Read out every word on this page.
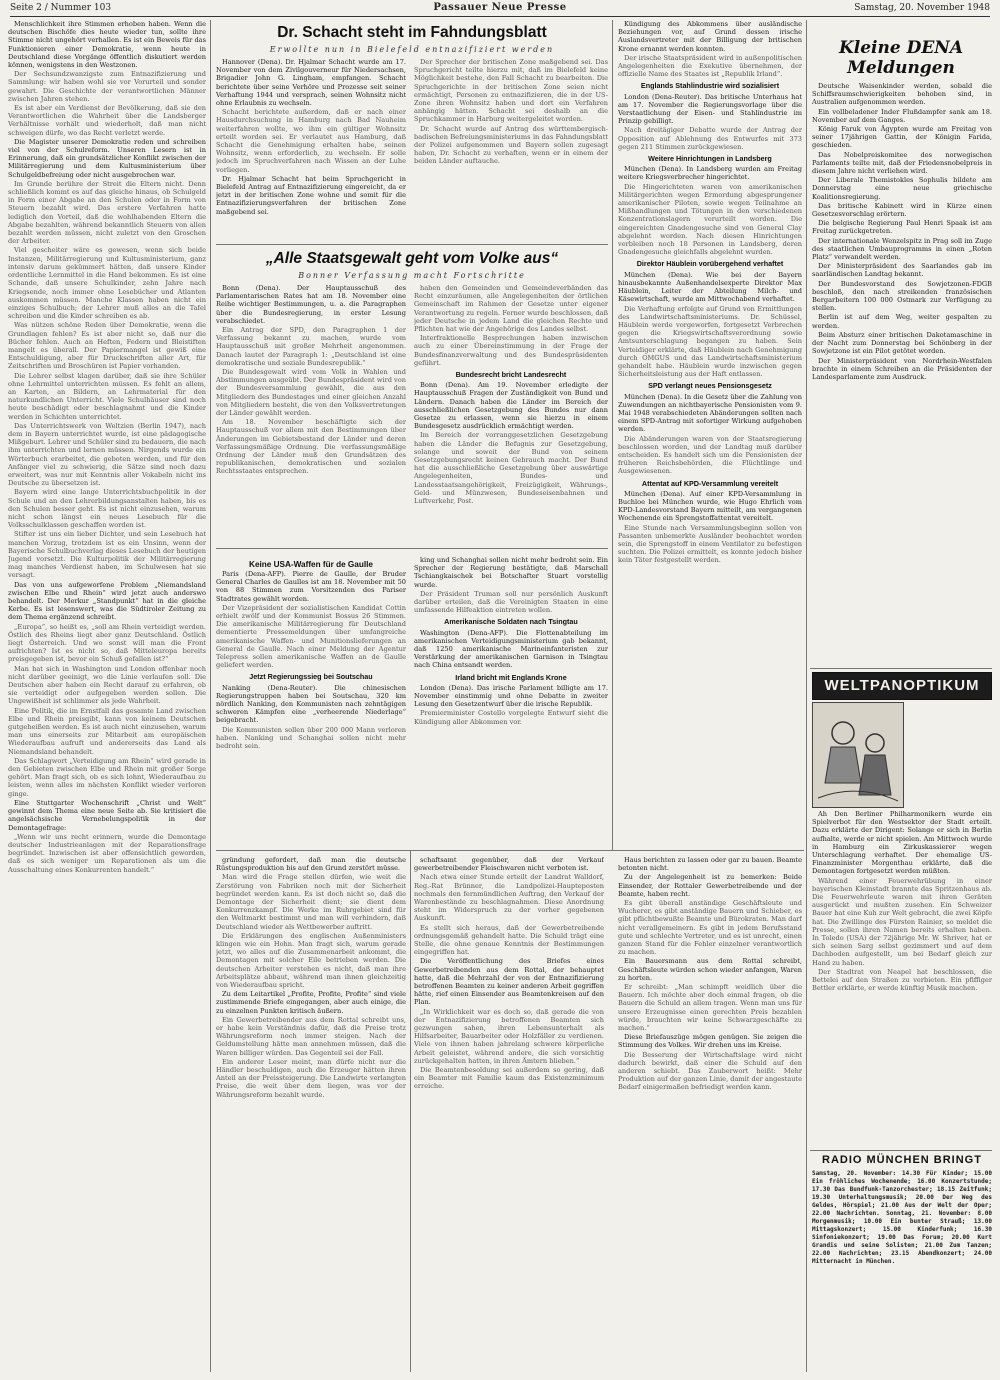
Seite 2 / Nummer 103	Passauer Neue Presse	Samstag, 20. November 1948

Menschlichkeit ihre Stimmen erhoben haben. Wenn die deutschen Bischöfe dies heute wieder tun, sollte ihre Stimme nicht ungehört verhallen. Es ist ein Beweis für das Funktionieren einer Demokratie, wenn heute in Deutschland diese Vorgänge öffentlich diskutiert werden können, wenigstens in den Westzonen.

Der Sechsundzwanzigste zum Entnazifizierung und Sammlung: wir haben wohl sie vor Vorurteil und sonder gewahrt. Die Geschichte der verantwortlichen Männer zwischen Jahren stehen.

Es ist aber ein Verdienst der Bevölkerung, daß sie den Verantwortlichen die Wahrheit über die Landsberger Verhältnisse vorhält und wiederholt, daß man nicht schweigen dürfe, wo das Recht verletzt werde.

Die Magister unserer Demokratie reden und schreiben viel von der Schulreform. Unseren Lesern ist in Erinnerung, daß ein grundsätzlicher Konflikt zwischen der Militärregierung und dem Kultusministerium über Schulgeldbefreiung oder nicht ausgebrochen war.

Im Grunde berühre der Streit die Eltern nicht. Denn schließlich kommt es auf das gleiche hinaus, ob Schulgeld in Form einer Abgabe an den Schulen oder in Form von Steuern bezahlt wird. Das erstere Verfahren hatte lediglich den Vorteil, daß die wohlhabenden Eltern die Abgabe bezahlten, während bekanntlich Steuern von allen bezahlt werden müssen, nicht zuletzt von den Groschen der Arbeiter.

Viel gescheiter wäre es gewesen, wenn sich beide Instanzen, Militärregierung und Kultusministerium, ganz intensiv darum gekümmert hätten, daß unsere Kinder ordentliche Lernmittel in die Hand bekommen. Es ist eine Schande, daß unsere Schulkinder, zehn Jahre nach Kriegsende, noch immer ohne Lesebücher und Atlanten auskommen müssen. Manche Klassen haben nicht ein einziges Schulbuch; der Lehrer muß alles an die Tafel schreiben und die Kinder schreiben es ab.

Was nützen schöne Reden über Demokratie, wenn die Grundlagen fehlen? Es ist aber nicht so, daß nur die Bücher fehlen. Auch an Heften, Federn und Bleistiften mangelt es überall. Der Papiermangel ist gewiß eine Entschuldigung, aber für Druckschriften aller Art, für Zeitschriften und Broschüren ist Papier vorhanden.

Die Lehrer selbst klagen darüber, daß sie ihre Schüler ohne Lehrmittel unterrichten müssen. Es fehlt an allem, an Karten, an Bildern, an Lehrmaterial für den naturkundlichen Unterricht. Viele Schulhäuser sind noch heute beschädigt oder beschlagnahmt und die Kinder werden in Schichten unterrichtet.

Das Unterrichtswerk von Weltzien (Berlin 1947), nach dem in Bayern unterrichtet wurde, ist eine pädagogische Mißgeburt. Lehrer und Schüler sind zu bedauern, die nach ihm unterrichten und lernen müssen. Nirgends wurde ein Wörterbuch erarbeitet, die geboten werden, und für den Anfänger viel zu schwierig, die Sätze sind noch dazu erweitert, was nur mit Kenntnis aller Vokabeln nicht ins Deutsche zu übersetzen ist.

Bayern wird eine lange Unterrichtsbuchpolitik in der Schule und an den Lehrerbildungsanstalten haben, bis es den Schulen besser geht. Es ist nicht einzusehen, warum nicht schon längst ein neues Lesebuch für die Volksschulklassen geschaffen worden ist.

Stifter ist uns ein lieber Dichter, und sein Lesebuch hat manchen Vorzug, trotzdem ist es ein Unsinn, wenn der Bayerische Schulbuchverlag dieses Lesebuch der heutigen Jugend vorsetzt. Die Kulturpolitik der Militärregierung mag manches Verdienst haben, im Schulwesen hat sie versagt.

Das von uns aufgeworfene Problem „Niemandsland zwischen Elbe und Rhein“ wird jetzt auch anderswo behandelt. Der Merkur „Standpunkt“ hat in die gleiche Kerbe. Es ist lesenswert, was die Südtiroler Zeitung zu dem Thema ergänzend schreibt.

„Europa“, so heißt es, „soll am Rhein verteidigt werden. Östlich des Rheins liegt aber ganz Deutschland. Östlich liegt Österreich. Und wo sonst will man die Front aufrichten? Ist es nicht so, daß Mitteleuropa bereits preisgegeben ist, bevor ein Schuß gefallen ist?“

Man hat sich in Washington und London offenbar noch nicht darüber geeinigt, wo die Linie verlaufen soll. Die Deutschen aber haben ein Recht darauf zu erfahren, ob sie verteidigt oder aufgegeben werden sollen. Die Ungewißheit ist schlimmer als jede Wahrheit.

Eine Politik, die im Ernstfall das gesamte Land zwischen Elbe und Rhein preisgibt, kann von keinem Deutschen gutgeheißen werden. Es ist auch nicht einzusehen, warum man uns einerseits zur Mitarbeit am europäischen Wiederaufbau aufruft und andererseits das Land als Niemandsland behandelt.

Das Schlagwort „Verteidigung am Rhein“ wird gerade in den Gebieten zwischen Elbe und Rhein mit großer Sorge gehört. Man fragt sich, ob es sich lohnt, Wiederaufbau zu leisten, wenn alles im nächsten Konflikt wieder verloren ginge.

Eine Stuttgarter Wochenschrift „Christ und Welt“ gewinnt dem Thema eine neue Seite ab. Sie kritisiert die angelsächsische Vernebelungspolitik in der Demontagefrage:

„Wenn wir uns recht erinnern, wurde die Demontage deutscher Industrieanlagen mit der Reparationsfrage begründet. Inzwischen ist aber offensichtlich geworden, daß es sich weniger um Reparationen als um die Ausschaltung eines Konkurrenten handelt.“

Dr. Schacht steht im Fahndungsblatt
Erwollte nun in Bielefeld entnazifiziert werden

Hannover (Dena). Dr. Hjalmar Schacht wurde am 17. November von dem Zivilgouverneur für Niedersachsen, Brigadier John G. Lingham, empfangen. Schacht berichtete über seine Verhöre und Prozesse seit seiner Verhaftung 1944 und versprach, seinen Wohnsitz nicht ohne Erlaubnis zu wechseln.

Schacht berichtete außerdem, daß er nach einer Hausdurchsuchung in Hamburg nach Bad Nauheim weiterfahren wollte, wo ihm ein gültiger Wohnsitz erteilt worden sei. Er verlautet aus Hamburg, daß Schacht die Genehmigung erhalten habe, seinen Wohnsitz, wenn erforderlich, zu wechseln. Er solle jedoch im Spruchverfahren nach Wissen an der Luhe vorliegen.

Dr. Hjalmar Schacht hat beim Spruchgericht in Bielefeld Antrag auf Entnazifizierung eingereicht, da er jetzt in der britischen Zone wohne und somit für die Entnazifizierungsverfahren der britischen Zone maßgebend sei.

Der Sprecher der britischen Zone maßgebend sei. Das Spruchgericht teilte hierzu mit, daß im Bielefeld keine Möglichkeit bestehe, den Fall Schacht zu bearbeiten. Die Spruchgerichte in der britischen Zone seien nicht ermächtigt, Personen zu entnazifizieren, die in der US-Zone ihren Wohnsitz haben und dort ein Verfahren anhängig hätten. Schacht sei deshalb an die Spruchkammer in Harburg weitergeleitet worden.

Dr. Schacht wurde auf Antrag des württembergisch-badischen Befreiungsministeriums in das Fahndungsblatt der Polizei aufgenommen und Bayern sollen zugesagt haben, Dr. Schacht zu verhaften, wenn er in einem der beiden Länder auftauche.

„Alle Staatsgewalt geht vom Volke aus“
Bonner Verfassung macht Fortschritte

Bonn (Dena). Der Hauptausschuß des Parlamentarischen Rates hat am 18. November eine Reihe wichtiger Bestimmungen, u. a. die Paragraphen über die Bundesregierung, in erster Lesung verabschiedet.

Ein Antrag der SPD, den Paragraphen 1 der Verfassung bekannt zu machen, wurde vom Hauptausschuß mit großer Mehrheit angenommen. Danach lautet der Paragraph 1: „Deutschland ist eine demokratische und soziale Bundesrepublik.“

Die Bundesgewalt wird vom Volk in Wahlen und Abstimmungen ausgeübt. Der Bundespräsident wird von der Bundesversammlung gewählt, die aus den Mitgliedern des Bundestages und einer gleichen Anzahl von Mitgliedern besteht, die von den Volksvertretungen der Länder gewählt werden.

Am 18. November beschäftigte sich der Hauptausschuß vor allem mit den Bestimmungen über Änderungen im Gebietsbestand der Länder und deren Verfassungsmäßige Ordnung. Die verfassungsmäßige Ordnung der Länder muß den Grundsätzen des republikanischen, demokratischen und sozialen Rechtsstaates entsprechen.

haben den Gemeinden und Gemeindeverbänden das Recht einzuräumen, alle Angelegenheiten der örtlichen Gemeinschaft im Rahmen der Gesetze unter eigener Verantwortung zu regeln. Ferner wurde beschlossen, daß jeder Deutsche in jedem Land die gleichen Rechte und Pflichten hat wie der Angehörige des Landes selbst.

Interfraktionelle Besprechungen haben inzwischen auch zu einer Übereinstimmung in der Frage der Bundesfinanzverwaltung und des Bundespräsidenten geführt.

Bundesrecht bricht Landesrecht

Bonn (Dena). Am 19. November erledigte der Hauptausschuß Fragen der Zuständigkeit von Bund und Ländern. Danach haben die Länder im Bereich der ausschließlichen Gesetzgebung des Bundes nur dann Gesetze zu erlassen, wenn sie hierzu in einem Bundesgesetz ausdrücklich ermächtigt werden.

Im Bereich der vorranggesetzlichen Gesetzgebung haben die Länder die Befugnis zur Gesetzgebung, solange und soweit der Bund von seinem Gesetzgebungsrecht keinen Gebrauch macht. Der Bund hat die ausschließliche Gesetzgebung über auswärtige Angelegenheiten, Bundes- und Landesstaatsangehörigkeit, Freizügigkeit, Währungs-, Geld- und Münzwesen, Bundeseisenbahnen und Luftverkehr, Post.

Keine USA-Waffen für de Gaulle

Paris (Dena-AFP). Pierre de Gaulle, der Bruder General Charles de Gaulles ist am 18. November mit 50 von 88 Stimmen zum Vorsitzenden des Pariser Stadtrates gewählt worden.

Der Vizepräsident der sozialistischen Kandidat Cottin erhielt zwölf und der Kommunist Bossus 26 Stimmen. Die amerikanische Militärregierung für Deutschland dementierte Pressemeldungen über umfangreiche amerikanische Waffen- und Munitionslieferungen an General de Gaulle. Nach einer Meldung der Agentur Telepress sollen amerikanische Waffen an de Gaulle geliefert werden.

Jetzt Regierungssieg bei Soutschau

Nanking (Dena-Reuter). Die chinesischen Regierungstruppen haben bei Soutschau, 320 km nördlich Nanking, den Kommunisten nach zehntägigen schweren Kämpfen eine „verheerende Niederlage“ beigebracht.

Die Kommunisten sollen über 200 000 Mann verloren haben. Nanking und Schanghai sollen nicht mehr bedroht sein.

king und Schanghai sollen nicht mehr bedroht sein. Ein Sprecher der Regierung bestätigte, daß Marschall Tschiangkaischek bei Botschafter Stuart vorstellig wurde.

Der Präsident Truman soll nur persönlich Auskunft darüber erteilen, daß die Vereinigten Staaten in eine umfassende Hilfeaktion eintreten wollen.

Amerikanische Soldaten nach Tsingtau

Washington (Dena-AFP). Die Flottenabteilung im amerikanischen Verteidigungsministerium gab bekannt, daß 1250 amerikanische Marineinfanteristen zur Verstärkung der amerikanischen Garnison in Tsingtau nach China entsandt werden.

Irland bricht mit Englands Krone

London (Dena). Das irische Parlament billigte am 17. November einstimmig und ohne Debatte in zweiter Lesung den Gesetzentwurf über die irische Republik.

Premierminister Costello vorgelegte Entwurf sieht die Kündigung aller Abkommen vor.

Kündigung des Abkommens über ausländische Beziehungen vor, auf Grund dessen irische Auslandsvertreter mit der Billigung der britischen Krone ernannt werden konnten.

Der irische Staatspräsident wird in außenpolitischen Angelegenheiten die Exekutive übernehmen, der offizielle Name des Staates ist „Republik Irland“.

Englands Stahlindustrie wird sozialisiert

London (Dena-Reuter). Das britische Unterhaus hat am 17. November die Regierungsvorlage über die Verstaatlichung der Eisen- und Stahlindustrie im Prinzip gebilligt.

Nach dreitägiger Debatte wurde der Antrag der Opposition auf Ablehnung des Entwurfes mit 373 gegen 211 Stimmen zurückgewiesen.

Weitere Hinrichtungen in Landsberg

München (Dena). In Landsberg wurden am Freitag weitere Kriegsverbrecher hingerichtet.

Die Hingerichteten waren von amerikanischen Militärgerichten wegen Ermordung abgesprungener amerikanischer Piloten, sowie wegen Teilnahme an Mißhandlungen und Tötungen in den verschiedenen Konzentrationslagern verurteilt worden. Die eingereichten Gnadengesuche sind von General Clay abgelehnt worden. Nach diesen Hinrichtungen verbleiben noch 18 Personen in Landsberg, deren Gnadengesuche gleichfalls abgelehnt wurden.

Direktor Häublein vorübergehend verhaftet

München (Dena). Wie bei der Bayern hinausbekannte Außenhandelsexperte Direktor Max Häublein, Leiter der Abteilung Milch- und Käsewirtschaft, wurde am Mittwochabend verhaftet.

Die Verhaftung erfolgte auf Grund von Ermittlungen des Landwirtschaftsministeriums. Dr. Schüssel, Häublein werde vorgeworfen, fortgesetzt Verbrechen gegen die Kriegswirtschaftsverordnung sowie Amtsunterschlagung begangen zu haben. Sein Verteidiger erklärte, daß Häublein nach Genehmigung durch OMGUS und das Landwirtschaftsministerium gehandelt habe. Häublein wurde inzwischen gegen Sicherheitsleistung aus der Haft entlassen.

SPD verlangt neues Pensionsgesetz

München (Dena). In die Gesetz über die Zahlung von Zuwendungen an nichtbayerische Pensionisten vom 9. Mai 1948 verabschiedeten Abänderungen sollten nach einem SPD-Antrag mit sofortiger Wirkung aufgehoben werden.

Die Abänderungen waren von der Staatsregierung beschlossen worden, und der Landtag muß darüber entscheiden. Es handelt sich um die Pensionisten der früheren Reichsbehörden, die Flüchtlinge und Ausgewiesenen.

Attentat auf KPD-Versammlung vereitelt

München (Dena). Auf einer KPD-Versammlung in Buchloe bei München wurde, wie Hugo Ehrlich vom KPD-Landesvorstand Bayern mitteilt, am vergangenen Wochenende ein Sprengstoffattentat vereitelt.

Eine Stunde nach Versammlungsbeginn sollen von Passanten unbemerkte Ausländer beobachtet worden sein, die Sprengstoff in einem Ventilator zu befestigen suchten. Die Polizei ermittelt, es konnte jedoch bisher kein Täter festgestellt werden.

gründung gefordert, daß man die deutsche Rüstungsproduktion bis auf den Grund zerstört müsse.

Man wird die Frage stellen dürfen, wie weit die Zerstörung von Fabriken noch mit der Sicherheit begründet werden kann. Es ist doch nicht so, daß die Demontage der Sicherheit dient; sie dient dem Konkurrenzkampf. Die Werke im Ruhrgebiet sind für den Weltmarkt bestimmt und man will verhindern, daß Deutschland wieder als Wettbewerber auftritt.

Die Erklärungen des englischen Außenministers klingen wie ein Hohn. Man fragt sich, warum gerade jetzt, wo alles auf die Zusammenarbeit ankommt, die Demontagen mit solcher Eile betrieben werden. Die deutschen Arbeiter verstehen es nicht, daß man ihre Arbeitsplätze abbaut, während man ihnen gleichzeitig von Wiederaufbau spricht.

Zu dem Leitartikel „Profite, Profite, Profite“ sind viele zustimmende Briefe eingegangen, aber auch einige, die zu einzelnen Punkten kritisch äußern.

Ein Gewerbetreibender aus dem Rottal schreibt uns, er habe kein Verständnis dafür, daß die Preise trotz Währungsreform noch immer steigen. Nach der Geldumstellung hätte man annehmen müssen, daß die Waren billiger würden. Das Gegenteil sei der Fall.

Ein anderer Leser meint, man dürfe nicht nur die Händler beschuldigen, auch die Erzeuger hätten ihren Anteil an der Preissteigerung. Die Landwirte verlangten Preise, die weit über dem liegen, was vor der Währungsreform bezahlt wurde.

schaftsamt gegenüber, daß der Verkauf gewerbetreibender Fleischwaren nicht verboten ist.

Nach etwa einer Stunde erteilt der Landrat Walldorf, Reg.-Rat Brünner, die Landpolizei-Haupteposten nochmals den fernmündlichen Auftrag, den Verkauf der Warenbestände zu beschlagnahmen. Diese Anordnung steht im Widerspruch zu der vorher gegebenen Auskunft.

Es stellt sich heraus, daß der Gewerbetreibende ordnungsgemäß gehandelt hatte. Die Schuld trägt eine Stelle, die ohne genaue Kenntnis der Bestimmungen eingegriffen hat.

Die Veröffentlichung des Briefes eines Gewerbetreibenden aus dem Rottal, der behauptet hatte, daß die Mehrzahl der von der Entnazifizierung betroffenen Beamten zu keiner anderen Arbeit gegriffen hätte, rief einen Einsender aus Beamtenkreisen auf den Plan.

„In Wirklichkeit war es doch so, daß gerade die von der Entnazifizierung betroffenen Beamten sich gezwungen sahen, ihren Lebensunterhalt als Hilfsarbeiter, Bauarbeiter oder Holzfäller zu verdienen. Viele von ihnen haben jahrelang schwere körperliche Arbeit geleistet, während andere, die sich vorsichtig zurückgehalten hatten, in ihren Ämtern blieben.“

Die Beamtenbesoldung sei außerdem so gering, daß ein Beamter mit Familie kaum das Existenzminimum erreiche.

Haus berichten zu lassen oder gar zu bauen. Beamte betonten nicht.

Zu der Angelegenheit ist zu bemerken: Beide Einsender, der Rottaler Gewerbetreibende und der Beamte, haben recht.

Es gibt überall anständige Geschäftsleute und Wucherer, es gibt anständige Bauern und Schieber, es gibt pflichtbewußte Beamte und Bürokraten. Man darf nicht verallgemeinern. Es gibt in jedem Berufsstand gute und schlechte Vertreter, und es ist unrecht, einen ganzen Stand für die Fehler einzelner verantwortlich zu machen.

Ein Bauersmann aus dem Rottal schreibt, Geschäftsleute würden schon wieder anfangen, Waren zu horten.

Er schreibt: „Man schimpft weidlich über die Bauern. Ich möchte aber doch einmal fragen, ob die Bauern die Schuld an allem tragen. Wenn man uns für unsere Erzeugnisse einen gerechten Preis bezahlen würde, brauchten wir keine Schwarzgeschäfte zu machen.“

Diese Briefauszüge mögen genügen. Sie zeigen die Stimmung des Volkes. Wir drehen uns im Kreise.

Die Besserung der Wirtschaftslage wird nicht dadurch bewirkt, daß einer die Schuld auf den anderen schiebt. Das Zauberwort heißt: Mehr Produktion auf der ganzen Linie, damit der angestaute Bedarf einigermaßen befriedigt werden kann.

Kleine DENA Meldungen

Deutsche Waisenkinder werden, sobald die Schiffsraumschwierigkeiten behoben sind, in Australien aufgenommen werden.

Ein vollbeladener Inder Flußdampfer sank am 18. November auf dem Ganges.

König Faruk von Ägypten wurde am Freitag von seiner 17jährigen Gattin, der Königin Farida, geschieden.

Das Nobelpreiskomitee des norwegischen Parlaments teilte mit, daß der Friedensnobelpreis in diesem Jahre nicht verliehen wird.

Der Liberale Themistokles Sophulis bildete am Donnerstag eine neue griechische Koalitionsregierung.

Das britische Kabinett wird in Kürze einen Gesetzesvorschlag erörtern.

Die belgische Regierung Paul Henri Spaak ist am Freitag zurückgetreten.

Der internationale Wenzelspitz in Prag soll im Zuge des staatlichen Umbauprogramms in einen „Roten Platz“ verwandelt werden.

Der Ministerpräsident des Saarlandes gab im saarländischen Landtag bekannt.

Der Bundesvorstand des Sowjetzonen-FDGB beschloß, den nach streikenden französischen Bergarbeitern 100 000 Ostmark zur Verfügung zu stellen.

Berlin ist auf dem Weg, weiter gespalten zu werden.

Beim Absturz einer britischen Dakotamaschine in der Nacht zum Donnerstag bei Schönberg in der Sowjetzone ist ein Pilot getötet worden.

Der Ministerpräsident von Nordrhein-Westfalen brachte in einem Schreiben an die Präsidenten der Landesparlamente zum Ausdruck.

WELTPANOPTIKUM

Ah Den Berliner Philharmonikern wurde ein Spielverbot für den Westsektor der Stadt erteilt. Dazu erklärte der Dirigent: Solange er sich in Berlin aufhalte, werde er nicht spielen. Am Mittwoch wurde in Hamburg ein Zirkuskassierer wegen Unterschlagung verhaftet. Der ehemalige US-Finanzminister Morgenthau erklärte, daß die Demontagen fortgesetzt werden müßten.

Während einer Feuerwehrübung in einer bayerischen Kleinstadt brannte das Spritzenhaus ab. Die Feuerwehrleute waren mit ihren Geräten ausgerückt und mußten zusehen. Ein Schweizer Bauer hat eine Kuh zur Welt gebracht, die zwei Köpfe hat. Die Zwillinge des Fürsten Rainier, so meldet die Presse, sollen ihren Namen bereits erhalten haben. In Toledo (USA) der 72jährige Mr. W. Shriver, hat er sich seinen Sarg selbst gezimmert und auf dem Dachboden aufgestellt, um bei Bedarf gleich zur Hand zu haben.

Der Stadtrat von Neapel hat beschlossen, die Bettelei auf den Straßen zu verbieten. Ein pfiffiger Bettler erklärte, er werde künftig Musik machen.

RADIO MÜNCHEN BRINGT

Samstag, 20. November: 14.30 Für Kinder; 15.00 Ein fröhliches Wochenende; 16.00 Konzertstunde; 17.30 Das Bundfunk-Tanzorchester; 18.15 Zeitfunk; 19.30 Unterhaltungsmusik; 20.00 Der Weg des Geldes, Hörspiel; 21.00 Aus der Welt der Oper; 22.00 Nachrichten. Sonntag, 21. November: 8.00 Morgenmusik; 10.00 Ein bunter Strauß; 13.00 Mittagskonzert; 15.00 Kinderfunk; 16.30 Sinfoniekonzert; 19.00 Das Forum; 20.00 Kurt Grandis und seine Solisten; 21.00 Zum Tanzen; 22.00 Nachrichten; 23.15 Abendkonzert; 24.00 Mitternacht in München.
